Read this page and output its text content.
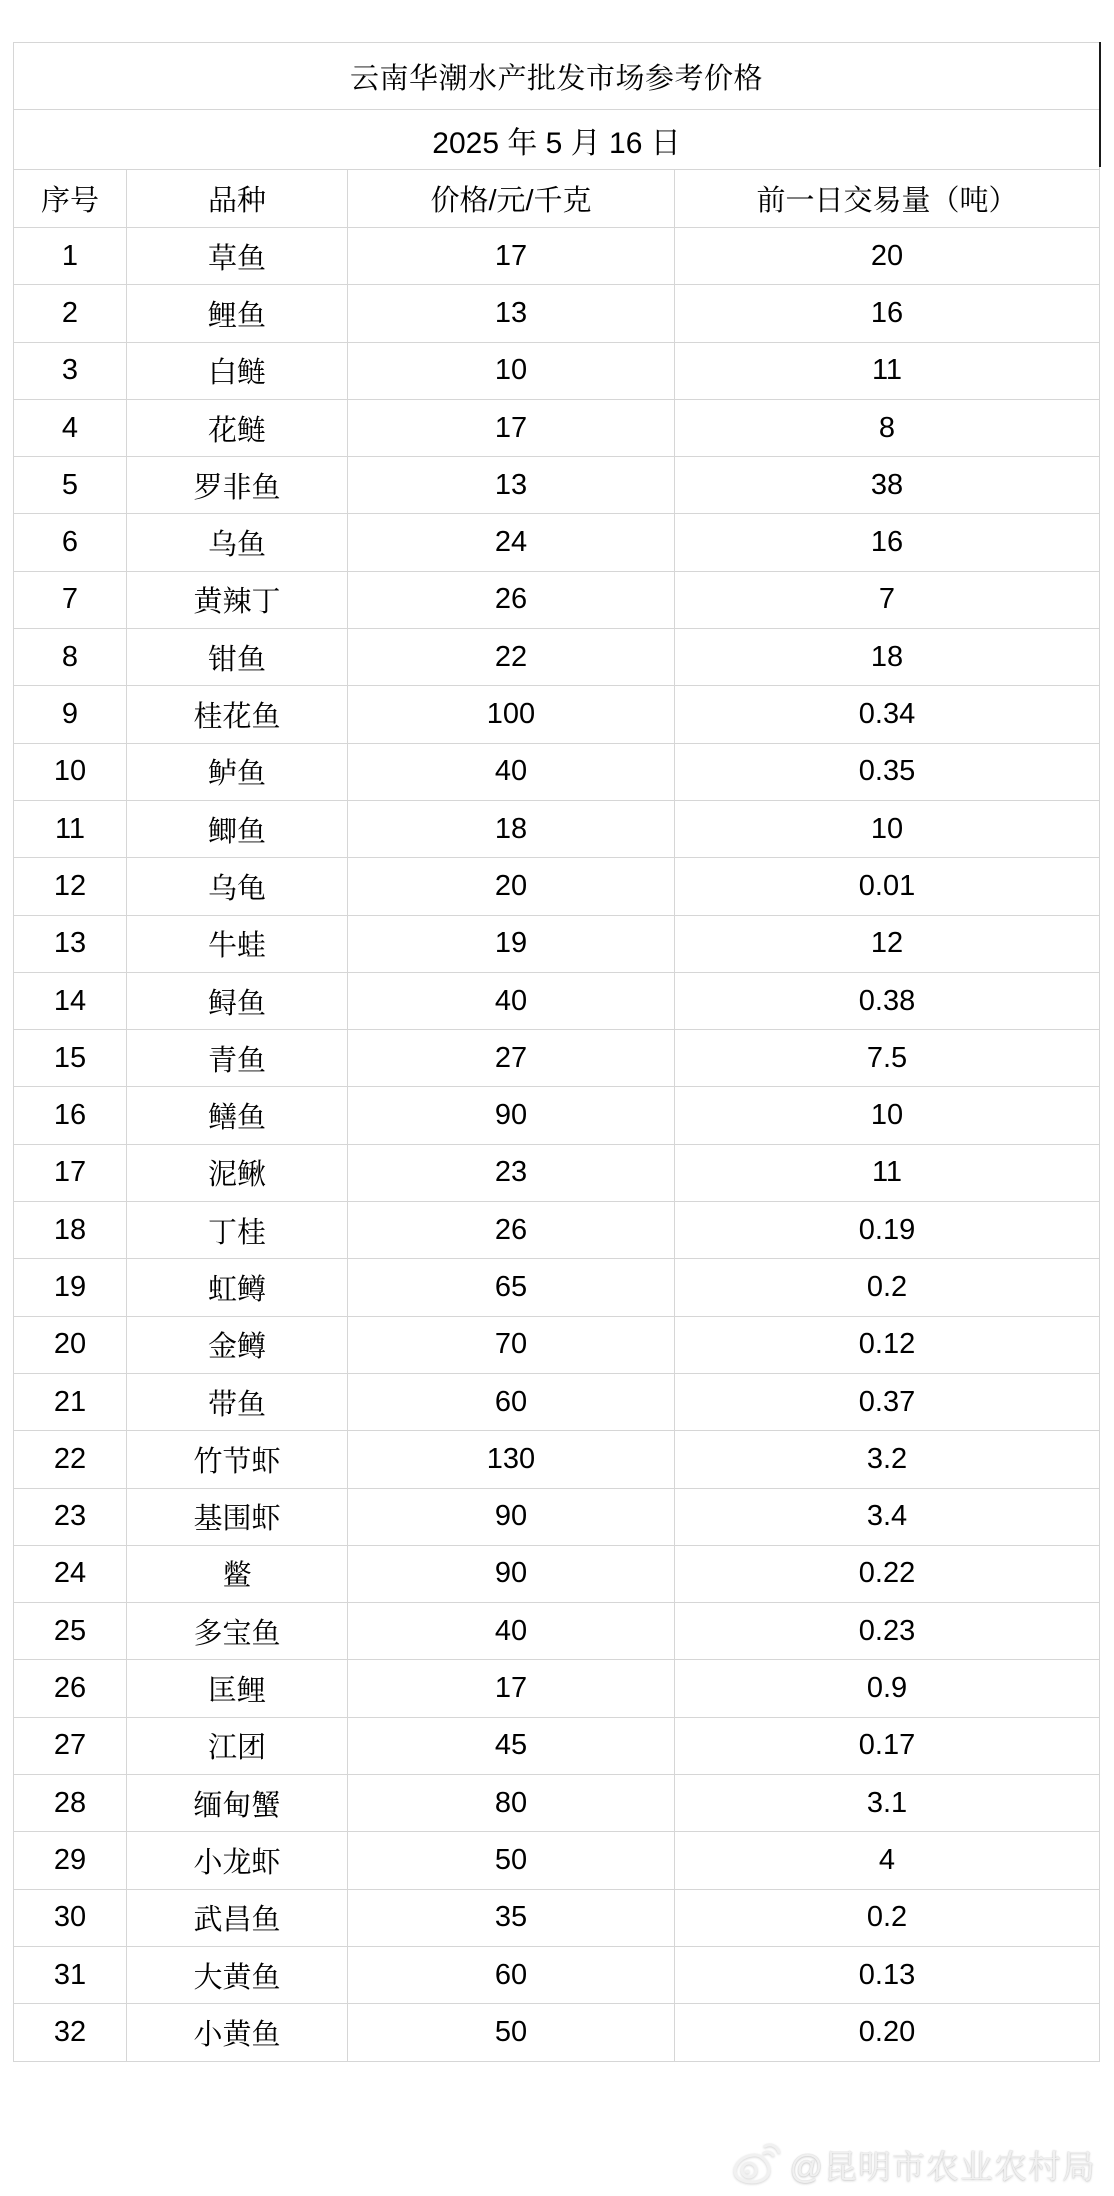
云南华潮水产批发市场参考价格
2025 年 5 月 16 日
序号	品种	价格/元/千克	前一日交易量（吨）
1	草鱼	17	20
2	鲤鱼	13	16
3	白鲢	10	11
4	花鲢	17	8
5	罗非鱼	13	38
6	乌鱼	24	16
7	黄辣丁	26	7
8	钳鱼	22	18
9	桂花鱼	100	0.34
10	鲈鱼	40	0.35
11	鲫鱼	18	10
12	乌龟	20	0.01
13	牛蛙	19	12
14	鲟鱼	40	0.38
15	青鱼	27	7.5
16	鳝鱼	90	10
17	泥鳅	23	11
18	丁桂	26	0.19
19	虹鳟	65	0.2
20	金鳟	70	0.12
21	带鱼	60	0.37
22	竹节虾	130	3.2
23	基围虾	90	3.4
24	鳖	90	0.22
25	多宝鱼	40	0.23
26	匡鲤	17	0.9
27	江团	45	0.17
28	缅甸蟹	80	3.1
29	小龙虾	50	4
30	武昌鱼	35	0.2
31	大黄鱼	60	0.13
32	小黄鱼	50	0.20
@昆明市农业农村局
